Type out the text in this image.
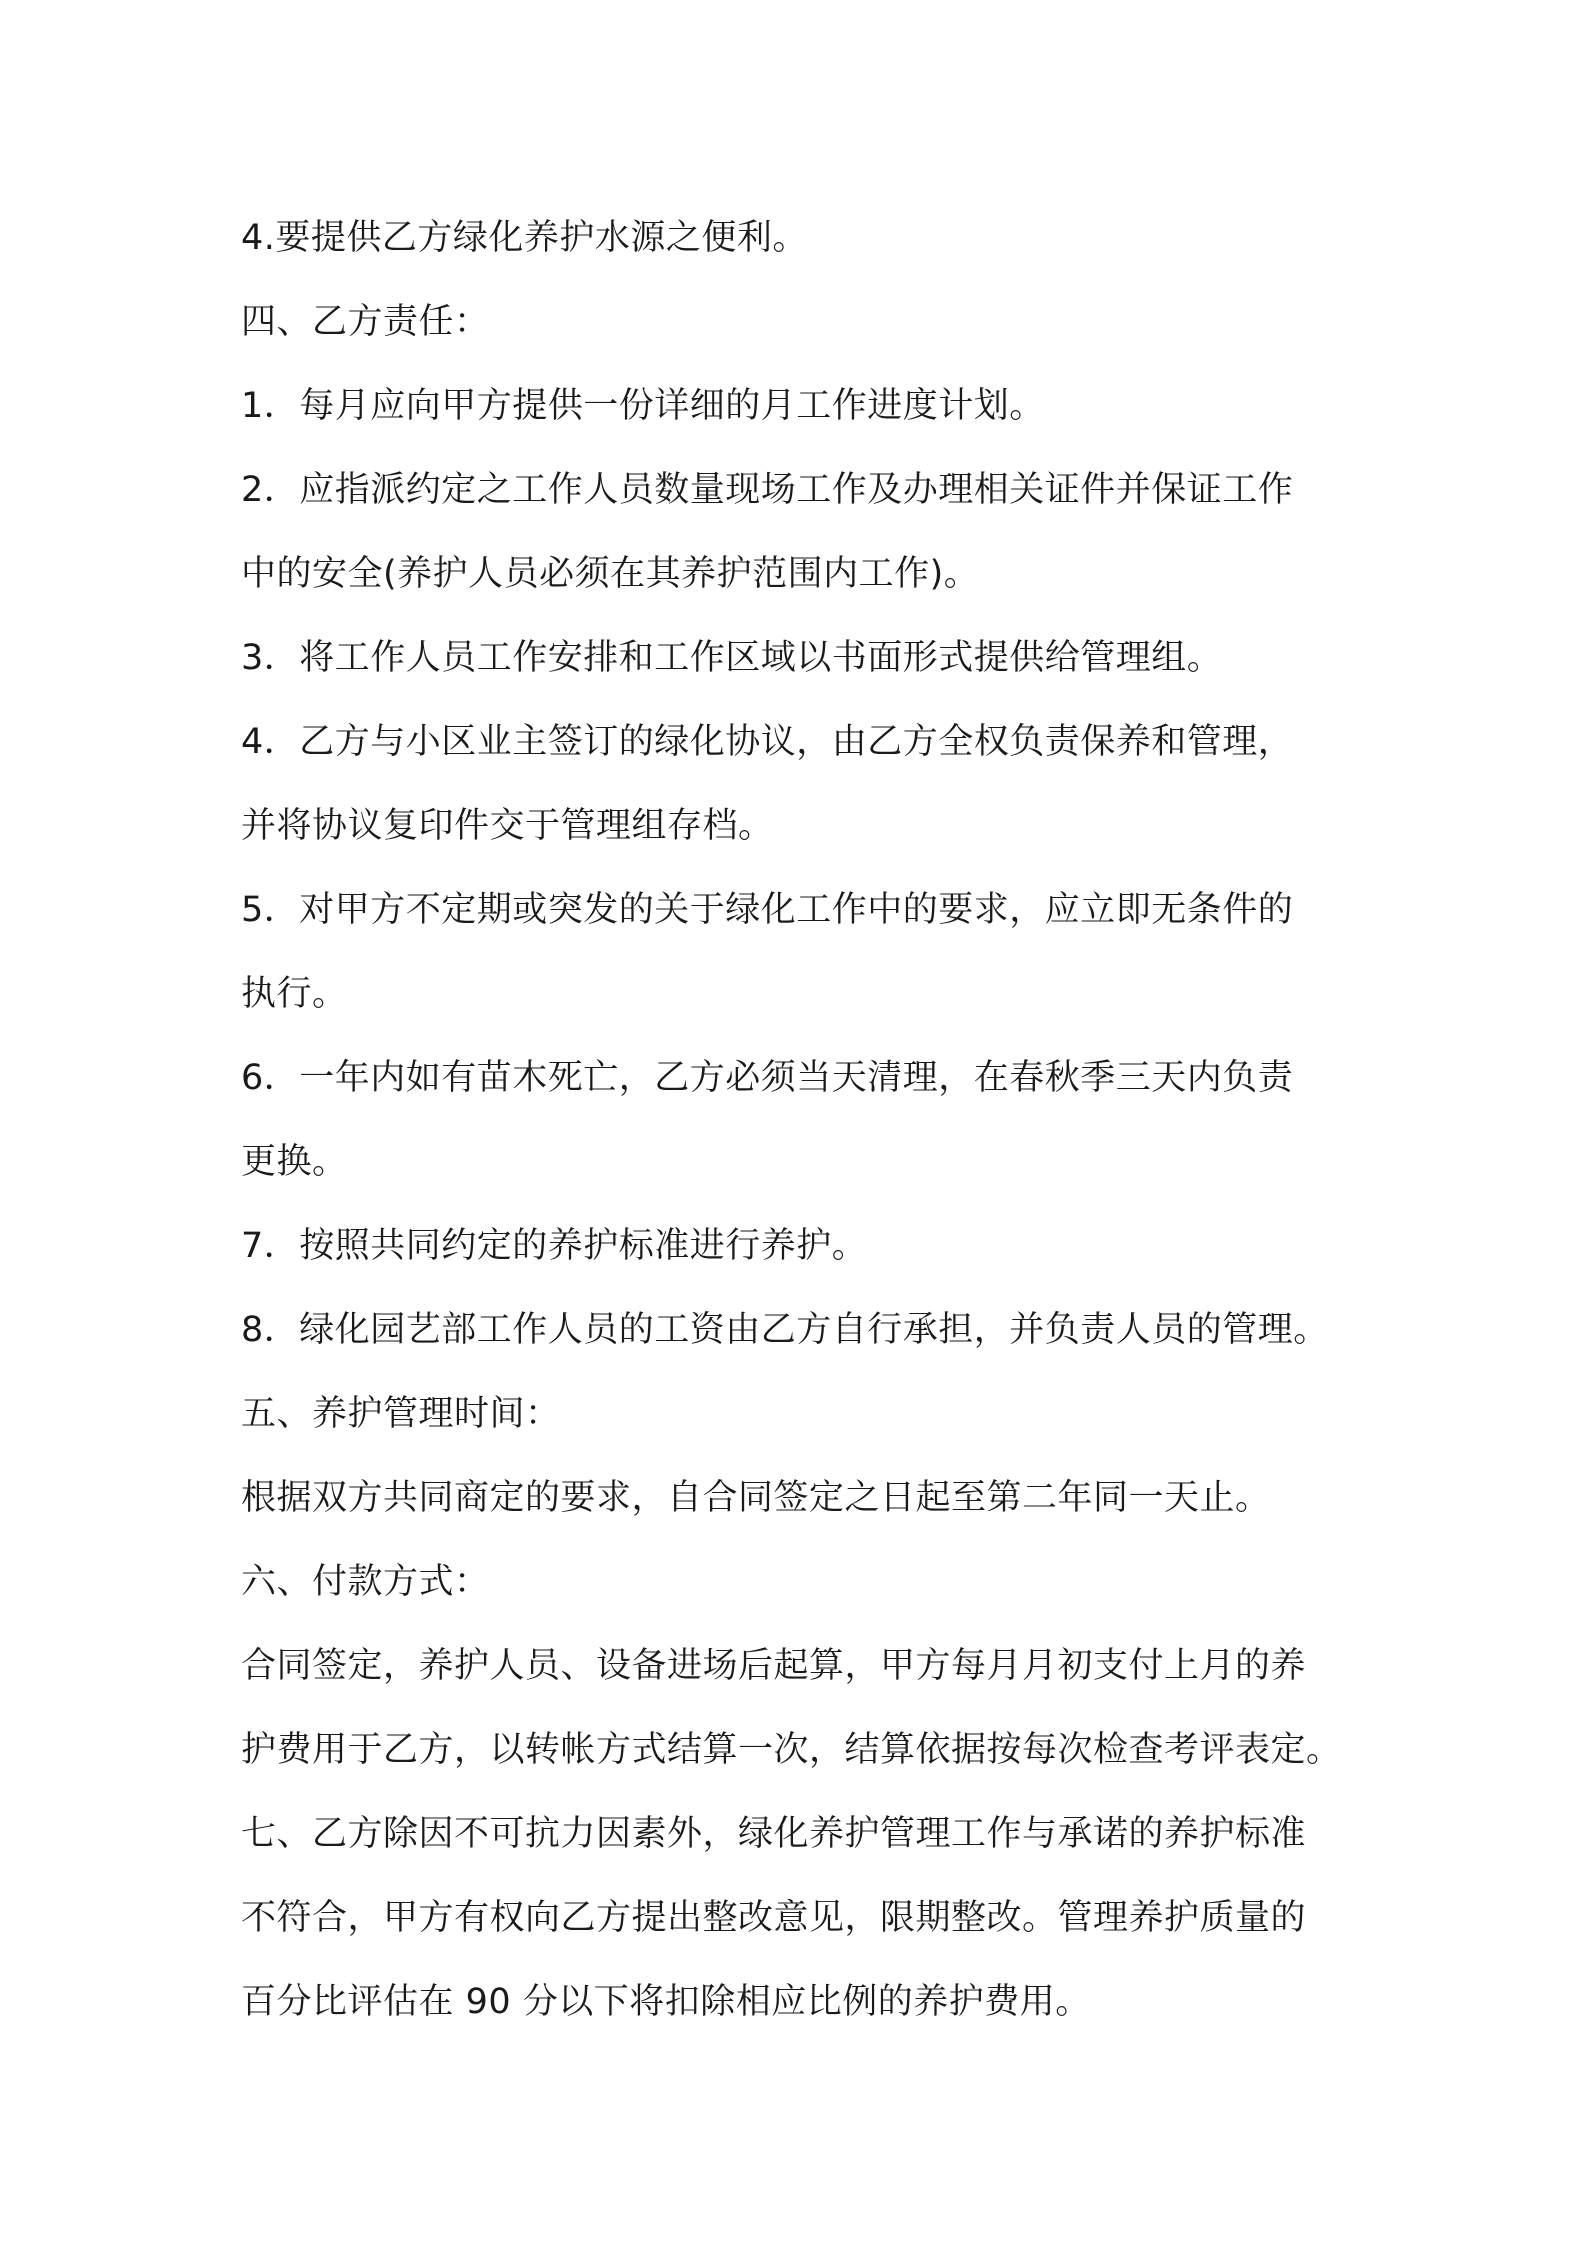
4.要提供乙方绿化养护水源之便利。
四、乙方责任：
1．每月应向甲方提供一份详细的月工作进度计划。
2．应指派约定之工作人员数量现场工作及办理相关证件并保证工作
中的安全(养护人员必须在其养护范围内工作)。
3．将工作人员工作安排和工作区域以书面形式提供给管理组。
4．乙方与小区业主签订的绿化协议，由乙方全权负责保养和管理，
并将协议复印件交于管理组存档。
5．对甲方不定期或突发的关于绿化工作中的要求，应立即无条件的
执行。
6．一年内如有苗木死亡，乙方必须当天清理，在春秋季三天内负责
更换。
7．按照共同约定的养护标准进行养护。
8．绿化园艺部工作人员的工资由乙方自行承担，并负责人员的管理。
五、养护管理时间：
根据双方共同商定的要求，自合同签定之日起至第二年同一天止。
六、付款方式：
合同签定，养护人员、设备进场后起算，甲方每月月初支付上月的养
护费用于乙方，以转帐方式结算一次，结算依据按每次检查考评表定。
七、乙方除因不可抗力因素外，绿化养护管理工作与承诺的养护标准
不符合，甲方有权向乙方提出整改意见，限期整改。管理养护质量的
百分比评估在 90 分以下将扣除相应比例的养护费用。
